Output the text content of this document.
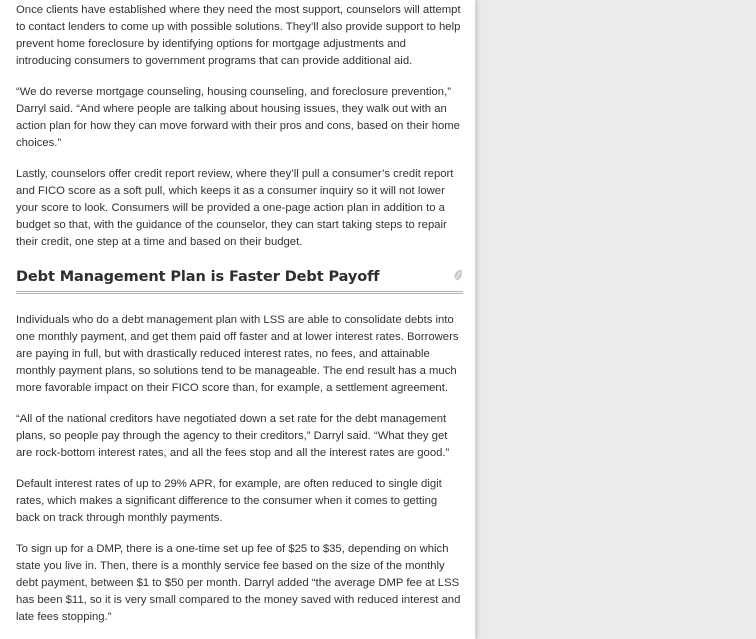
Once clients have established where they need the most support, counselors will attempt to contact lenders to come up with possible solutions. They’ll also provide support to help prevent home foreclosure by identifying options for mortgage adjustments and introducing consumers to government programs that can provide additional aid.

“We do reverse mortgage counseling, housing counseling, and foreclosure prevention,” Darryl said. “And where people are talking about housing issues, they walk out with an action plan for how they can move forward with their pros and cons, based on their home choices.”

Lastly, counselors offer credit report review, where they’ll pull a consumer’s credit report and FICO score as a soft pull, which keeps it as a consumer inquiry so it will not lower your score to look. Consumers will be provided a one-page action plan in addition to a budget so that, with the guidance of the counselor, they can start taking steps to repair their credit, one step at a time and based on their budget.

Debt Management Plan is Faster Debt Payoff

Individuals who do a debt management plan with LSS are able to consolidate debts into one monthly payment, and get them paid off faster and at lower interest rates. Borrowers are paying in full, but with drastically reduced interest rates, no fees, and attainable monthly payment plans, so solutions tend to be manageable. The end result has a much more favorable impact on their FICO score than, for example, a settlement agreement.

“All of the national creditors have negotiated down a set rate for the debt management plans, so people pay through the agency to their creditors,” Darryl said. “What they get are rock-bottom interest rates, and all the fees stop and all the interest rates are good.”

Default interest rates of up to 29% APR, for example, are often reduced to single digit rates, which makes a significant difference to the consumer when it comes to getting back on track through monthly payments.

To sign up for a DMP, there is a one-time set up fee of $25 to $35, depending on which state you live in. Then, there is a monthly service fee based on the size of the monthly debt payment, between $1 to $50 per month. Darryl added “the average DMP fee at LSS has been $11, so it is very small compared to the money saved with reduced interest and late fees stopping.”
